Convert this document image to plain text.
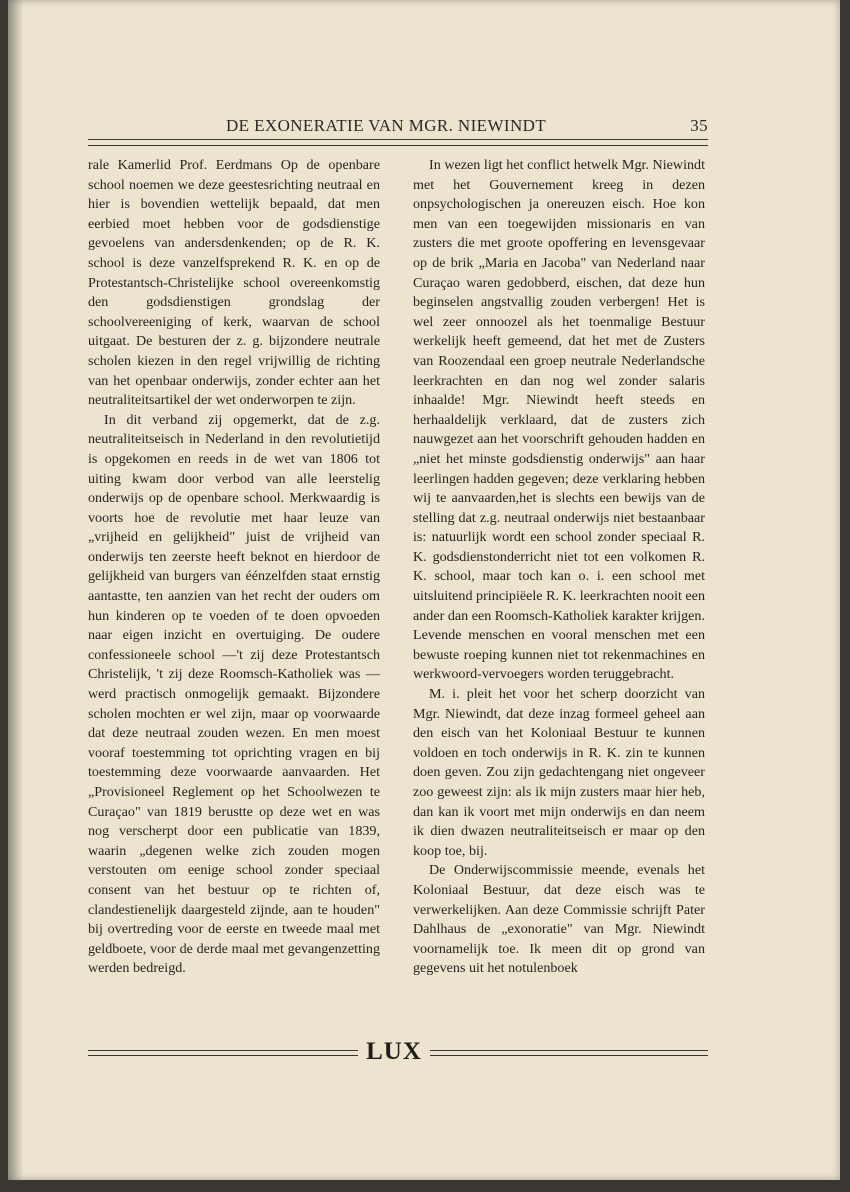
DE EXONERATIE VAN MGR. NIEWINDT	35

rale Kamerlid Prof. Eerdmans Op de openbare school noemen we deze geestesrichting neutraal en hier is bovendien wettelijk bepaald, dat men eerbied moet hebben voor de godsdienstige gevoelens van andersdenkenden; op de R. K. school is deze vanzelfsprekend R. K. en op de Protestantsch-Christelijke school overeenkomstig den godsdienstigen grondslag der schoolvereeniging of kerk, waarvan de school uitgaat. De besturen der z. g. bijzondere neutrale scholen kiezen in den regel vrijwillig de richting van het openbaar onderwijs, zonder echter aan het neutraliteitsartikel der wet onderworpen te zijn.

In dit verband zij opgemerkt, dat de z.g. neutraliteitseisch in Nederland in den revolutietijd is opgekomen en reeds in de wet van 1806 tot uiting kwam door verbod van alle leerstelig onderwijs op de openbare school. Merkwaardig is voorts hoe de revolutie met haar leuze van „vrijheid en gelijkheid" juist de vrijheid van onderwijs ten zeerste heeft beknot en hierdoor de gelijkheid van burgers van éénzelfden staat ernstig aantastte, ten aanzien van het recht der ouders om hun kinderen op te voeden of te doen opvoeden naar eigen inzicht en overtuiging. De oudere confessioneele school —'t zij deze Protestantsch Christelijk, 't zij deze Roomsch-Katholiek was — werd practisch onmogelijk gemaakt. Bijzondere scholen mochten er wel zijn, maar op voorwaarde dat deze neutraal zouden wezen. En men moest vooraf toestemming tot oprichting vragen en bij toestemming deze voorwaarde aanvaarden. Het „Provisioneel Reglement op het Schoolwezen te Curaçao" van 1819 berustte op deze wet en was nog verscherpt door een publicatie van 1839, waarin „degenen welke zich zouden mogen verstouten om eenige school zonder speciaal consent van het bestuur op te richten of, clandestienelijk daargesteld zijnde, aan te houden" bij overtreding voor de eerste en tweede maal met geldboete, voor de derde maal met gevangenzetting werden bedreigd.

In wezen ligt het conflict hetwelk Mgr. Niewindt met het Gouvernement kreeg in dezen onpsychologischen ja onereuzen eisch. Hoe kon men van een toegewijden missionaris en van zusters die met groote opoffering en levensgevaar op de brik „Maria en Jacoba" van Nederland naar Curaçao waren gedobberd, eischen, dat deze hun beginselen angstvallig zouden verbergen! Het is wel zeer onnoozel als het toenmalige Bestuur werkelijk heeft gemeend, dat het met de Zusters van Roozendaal een groep neutrale Nederlandsche leerkrachten en dan nog wel zonder salaris inhaalde! Mgr. Niewindt heeft steeds en herhaaldelijk verklaard, dat de zusters zich nauwgezet aan het voorschrift gehouden hadden en „niet het minste godsdienstig onderwijs" aan haar leerlingen hadden gegeven; deze verklaring hebben wij te aanvaarden,het is slechts een bewijs van de stelling dat z.g. neutraal onderwijs niet bestaanbaar is: natuurlijk wordt een school zonder speciaal R. K. godsdienstonderricht niet tot een volkomen R. K. school, maar toch kan o. i. een school met uitsluitend principiëele R. K. leerkrachten nooit een ander dan een Roomsch-Katholiek karakter krijgen. Levende menschen en vooral menschen met een bewuste roeping kunnen niet tot rekenmachines en werkwoord-vervoegers worden teruggebracht.

M. i. pleit het voor het scherp doorzicht van Mgr. Niewindt, dat deze inzag formeel geheel aan den eisch van het Koloniaal Bestuur te kunnen voldoen en toch onderwijs in R. K. zin te kunnen doen geven. Zou zijn gedachtengang niet ongeveer zoo geweest zijn: als ik mijn zusters maar hier heb, dan kan ik voort met mijn onderwijs en dan neem ik dien dwazen neutraliteitseisch er maar op den koop toe, bij.

De Onderwijscommissie meende, evenals het Koloniaal Bestuur, dat deze eisch was te verwerkelijken. Aan deze Commissie schrijft Pater Dahlhaus de „exonoratie" van Mgr. Niewindt voornamelijk toe. Ik meen dit op grond van gegevens uit het notulenboek

LUX
